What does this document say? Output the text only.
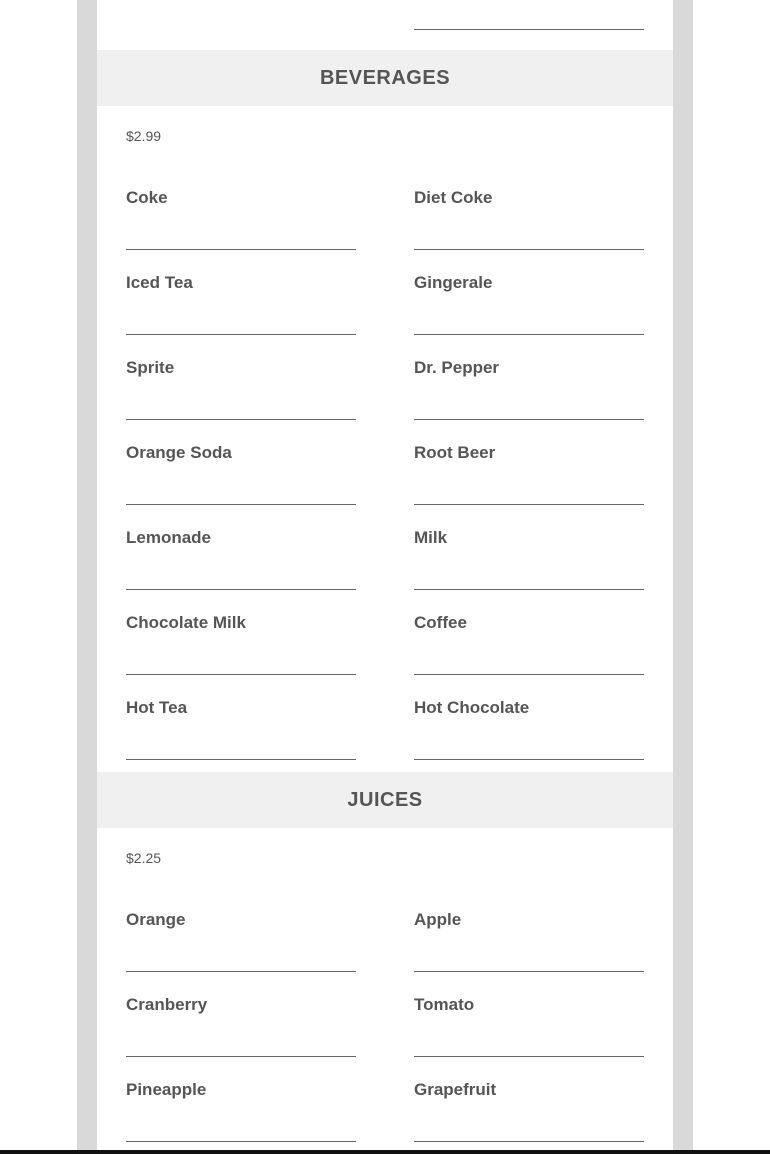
BEVERAGES
$2.99
Coke	Diet Coke
Iced Tea	Gingerale
Sprite	Dr. Pepper
Orange Soda	Root Beer
Lemonade	Milk
Chocolate Milk	Coffee
Hot Tea	Hot Chocolate
JUICES
$2.25
Orange	Apple
Cranberry	Tomato
Pineapple	Grapefruit
